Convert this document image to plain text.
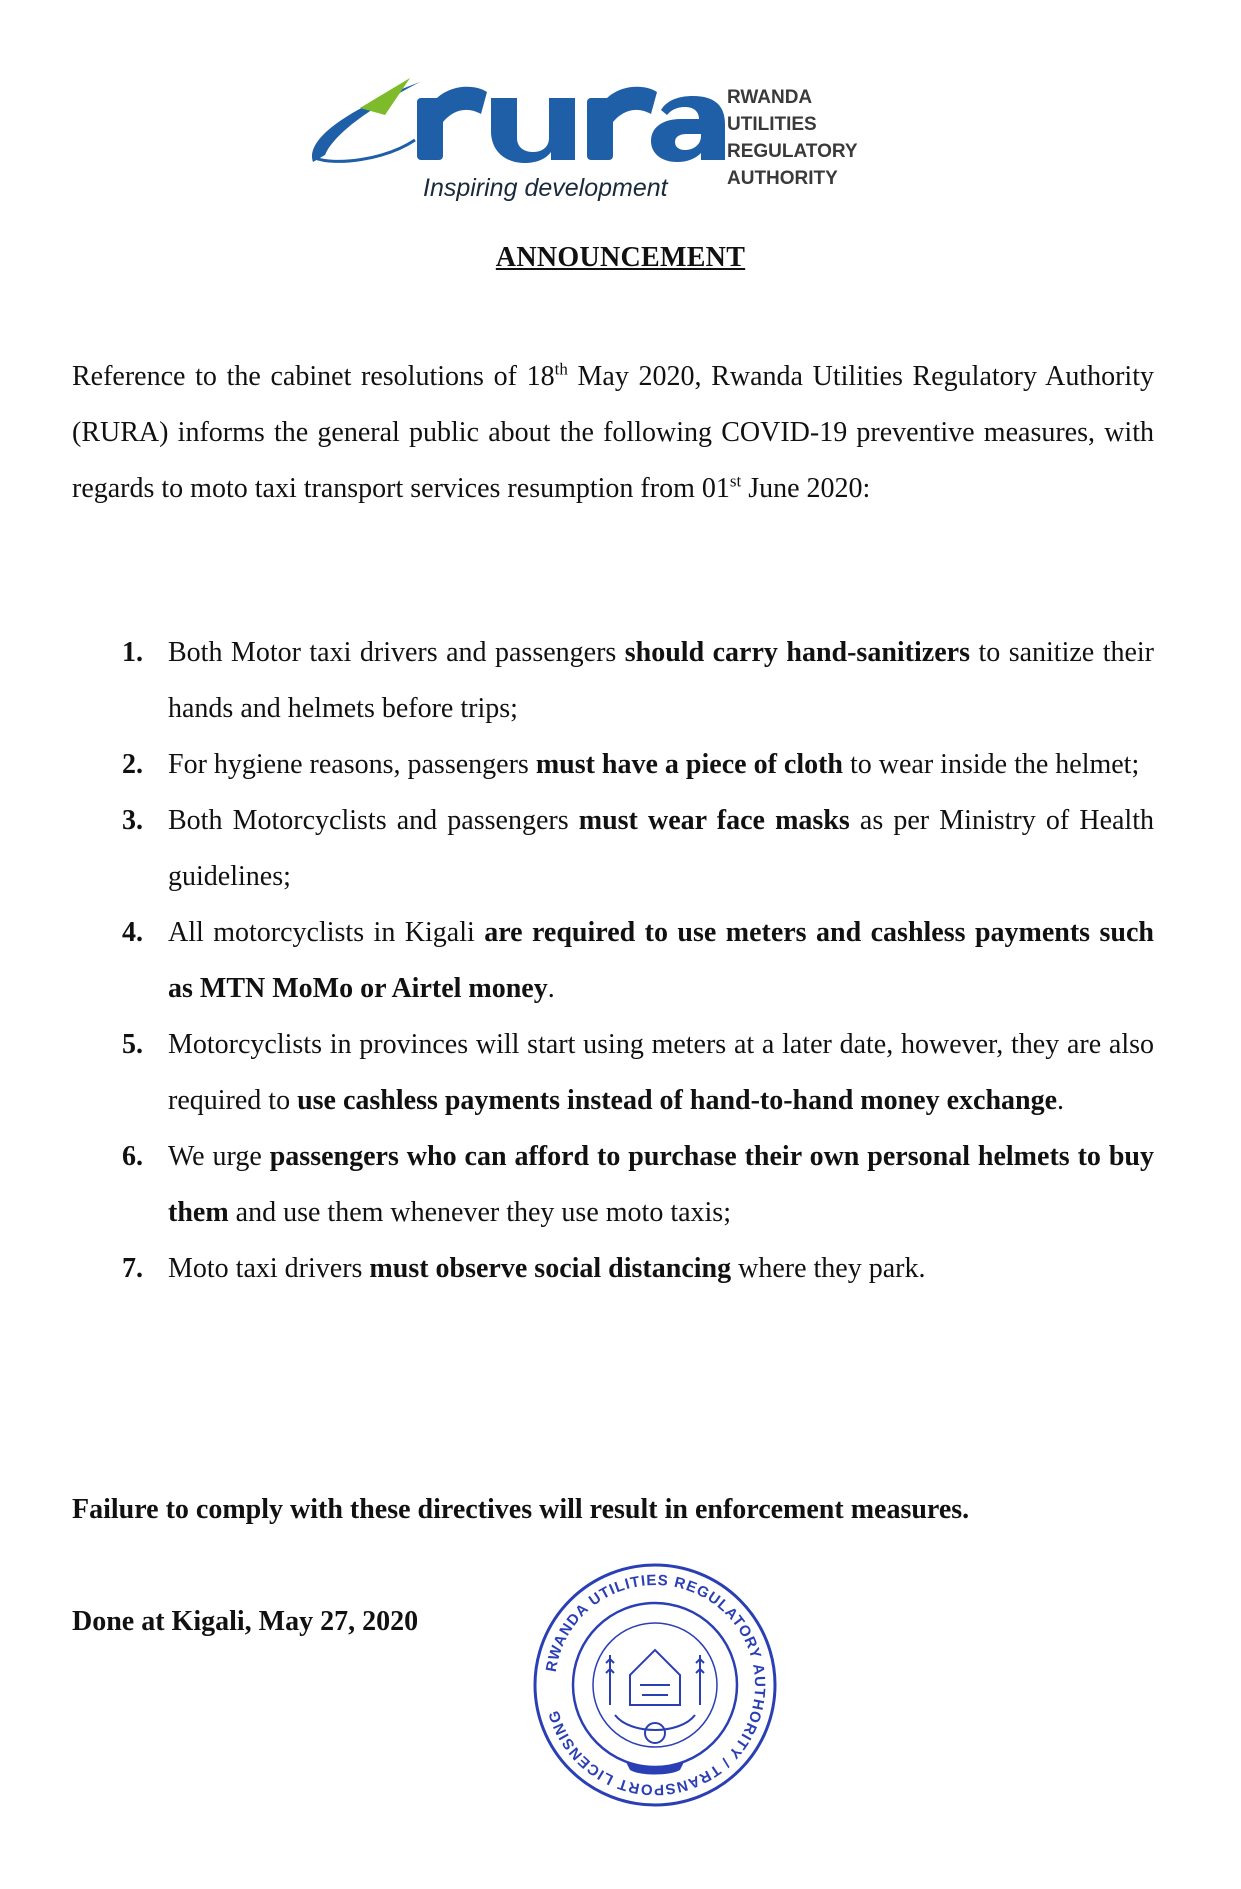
Inspiring development
RWANDA
UTILITIES
REGULATORY
AUTHORITY
ANNOUNCEMENT

Reference to the cabinet resolutions of 18th May 2020, Rwanda Utilities Regulatory Authority (RURA) informs the general public about the following COVID-19 preventive measures, with regards to moto taxi transport services resumption from 01st June 2020:

1. Both Motor taxi drivers and passengers should carry hand-sanitizers to sanitize their hands and helmets before trips;
2. For hygiene reasons, passengers must have a piece of cloth to wear inside the helmet;
3. Both Motorcyclists and passengers must wear face masks as per Ministry of Health guidelines;
4. All motorcyclists in Kigali are required to use meters and cashless payments such as MTN MoMo or Airtel money.
5. Motorcyclists in provinces will start using meters at a later date, however, they are also required to use cashless payments instead of hand-to-hand money exchange.
6. We urge passengers who can afford to purchase their own personal helmets to buy them and use them whenever they use moto taxis;
7. Moto taxi drivers must observe social distancing where they park.
Failure to comply with these directives will result in enforcement measures.
Done at Kigali, May 27, 2020
RWANDA UTILITIES REGULATORY AUTHORITY / TRANSPORT LICENSING
